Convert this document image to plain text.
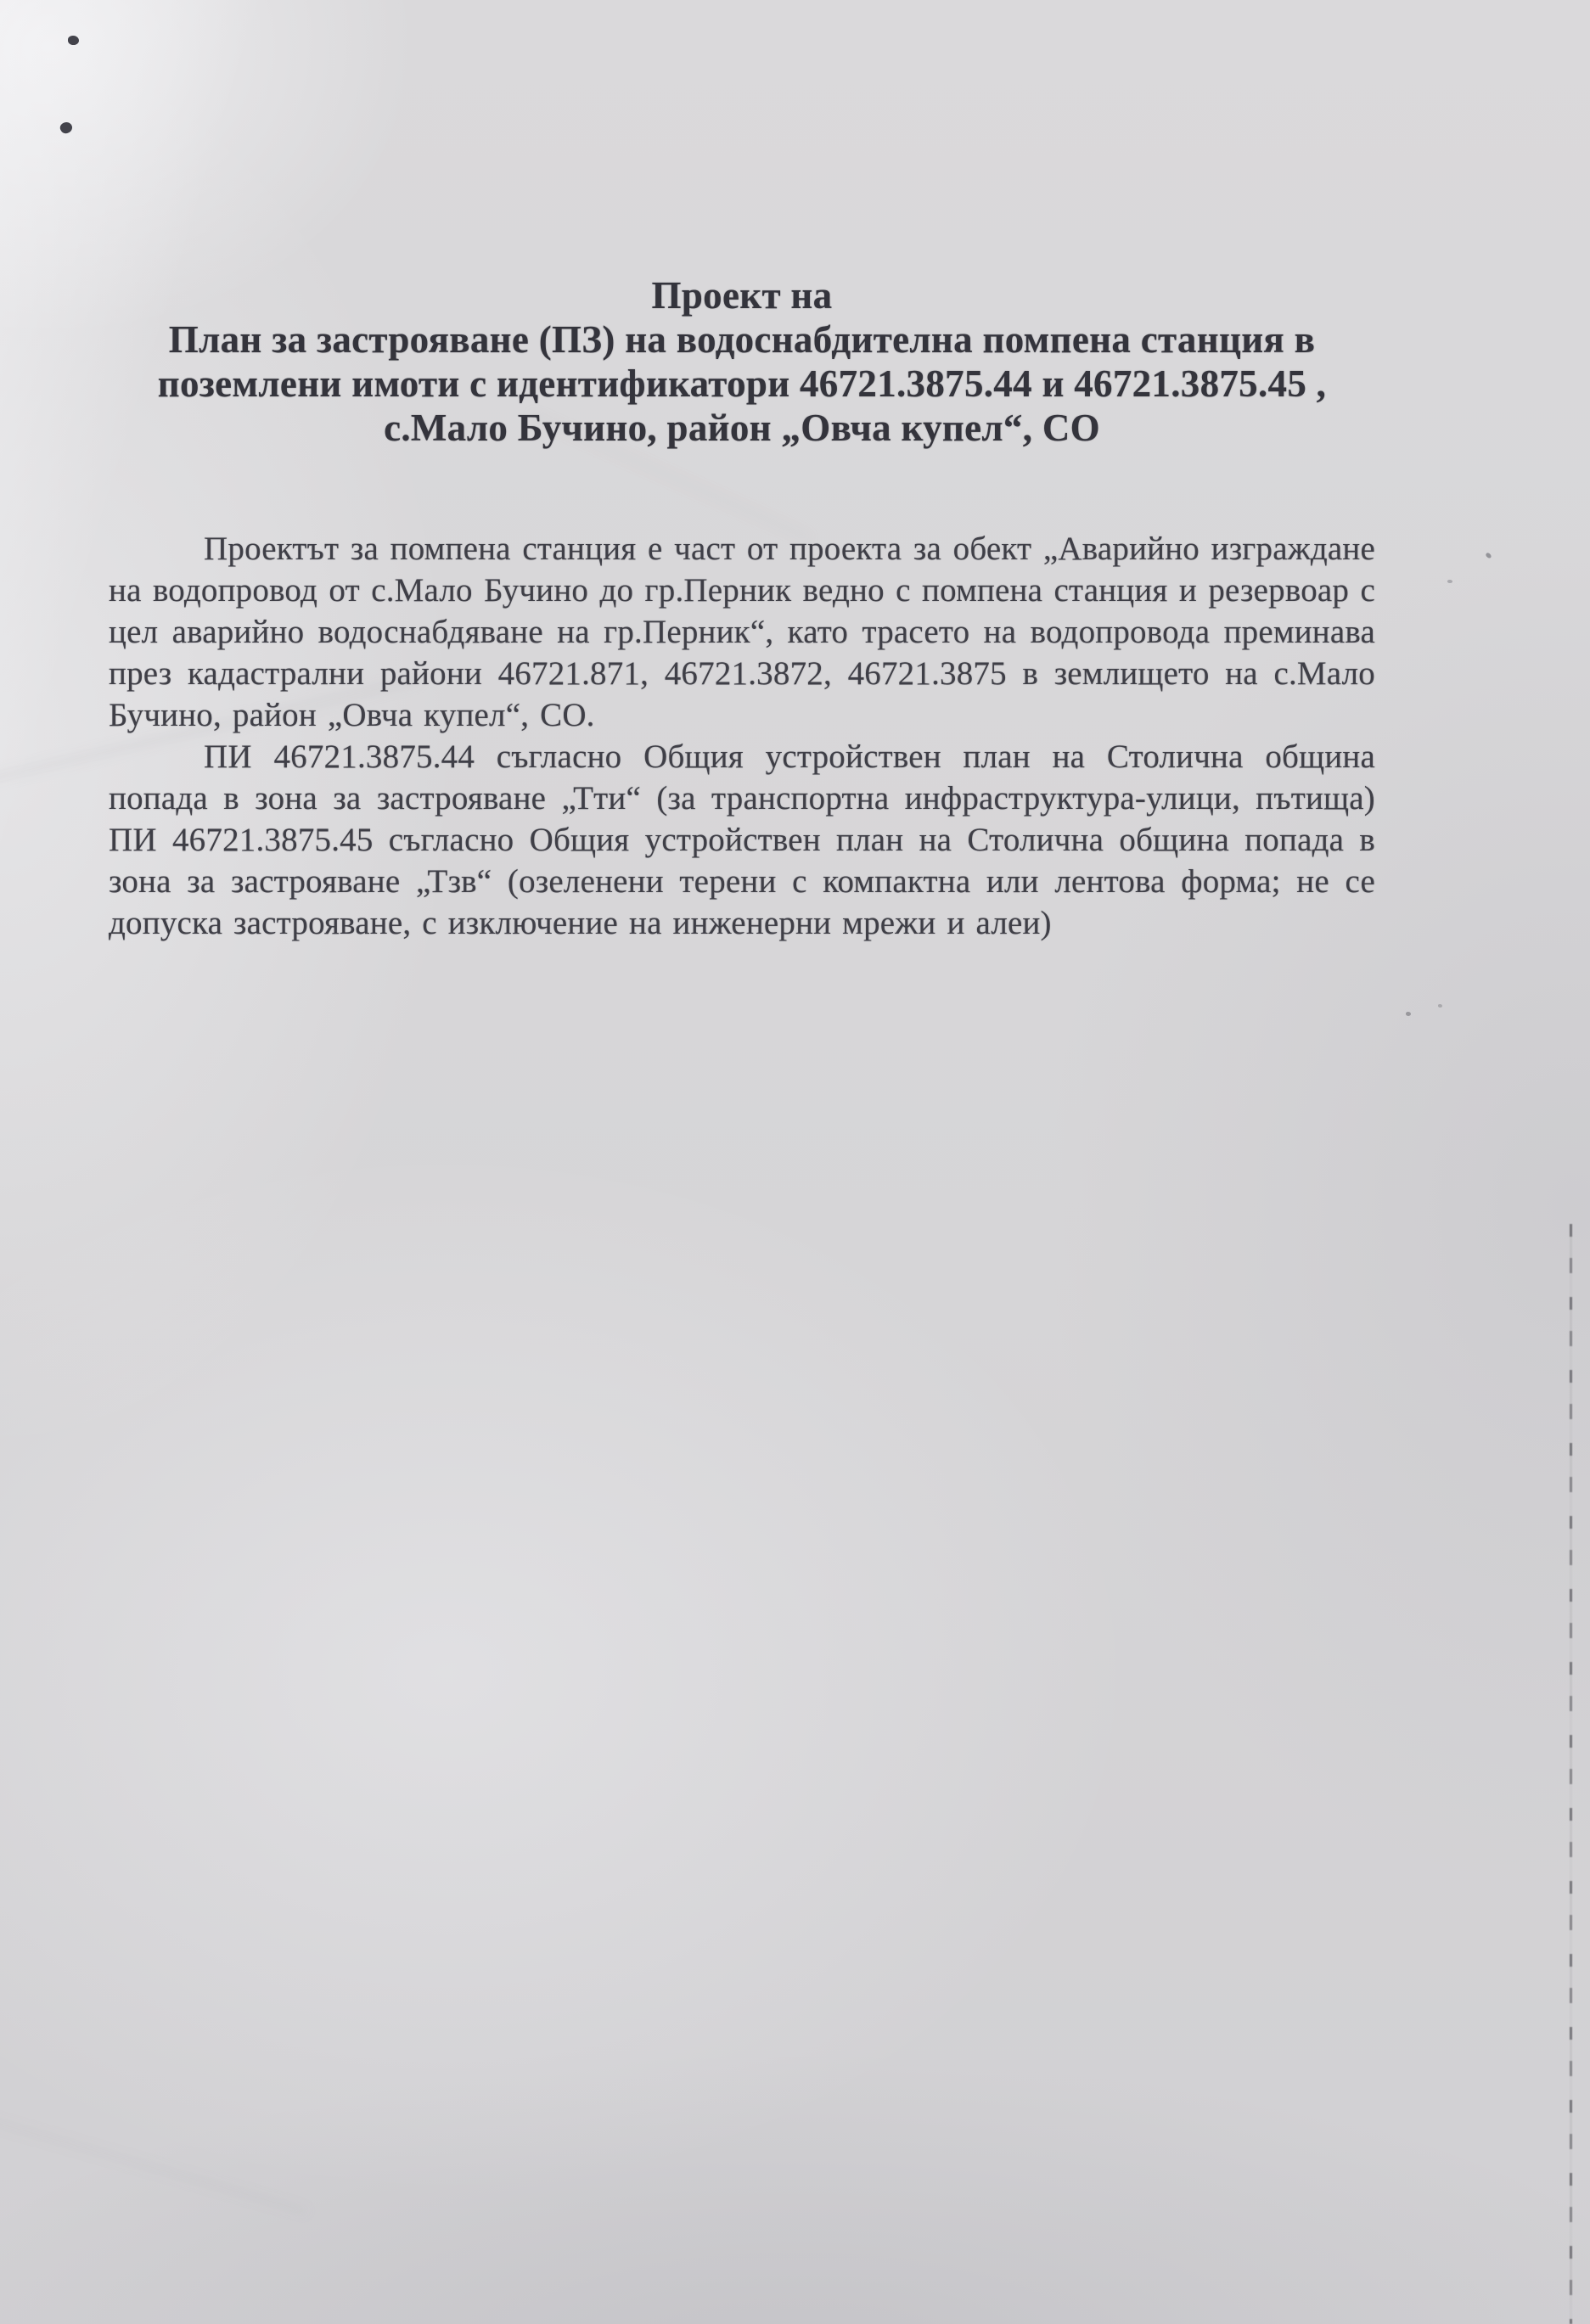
Проект на
План за застрояване (ПЗ) на водоснабдителна помпена станция в
поземлени имоти с идентификатори 46721.3875.44 и 46721.3875.45 ,
с.Мало Бучино, район „Овча купел“, СО

Проектът за помпена станция е част от проекта за обект „Аварийно изграждане на водопровод от с.Мало Бучино до гр.Перник ведно с помпена станция и резервоар с цел аварийно водоснабдяване на гр.Перник“, като трасето на водопровода преминава през кадастрални райони 46721.871, 46721.3872, 46721.3875 в землището на с.Мало Бучино, район „Овча купел“, СО.

ПИ 46721.3875.44 съгласно Общия устройствен план на Столична община попада в зона за застрояване „Тти“ (за транспортна инфраструктура-улици, пътища) ПИ 46721.3875.45 съгласно Общия устройствен план на Столична община попада в зона за застрояване „Тзв“ (озеленени терени с компактна или лентова форма; не се допуска застрояване, с изключение на инженерни мрежи и алеи)
